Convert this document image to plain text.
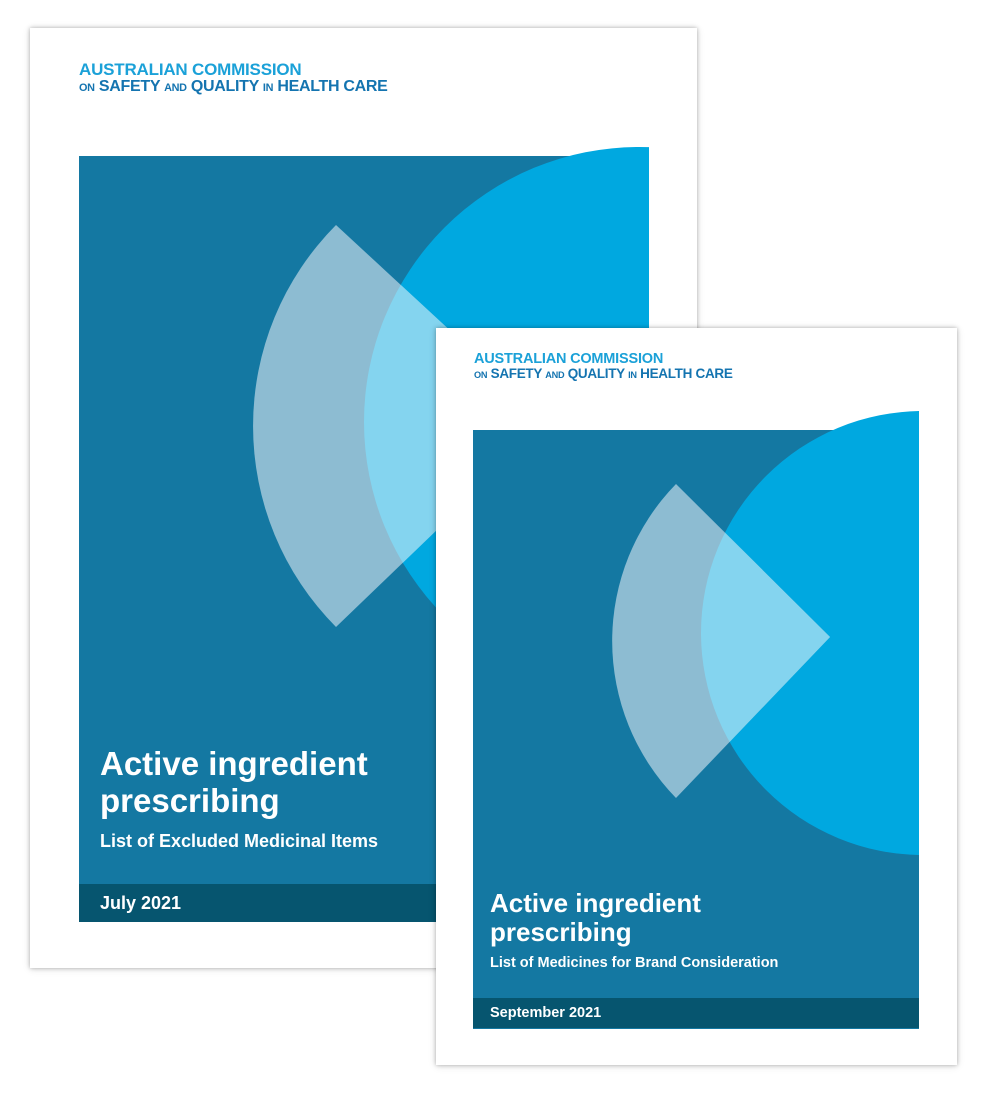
AUSTRALIAN COMMISSION
ON SAFETY AND QUALITY IN HEALTH CARE

Active ingredient
prescribing

List of Excluded Medicinal Items

July 2021
AUSTRALIAN COMMISSION
ON SAFETY AND QUALITY IN HEALTH CARE

Active ingredient
prescribing

List of Medicines for Brand Consideration

September 2021
